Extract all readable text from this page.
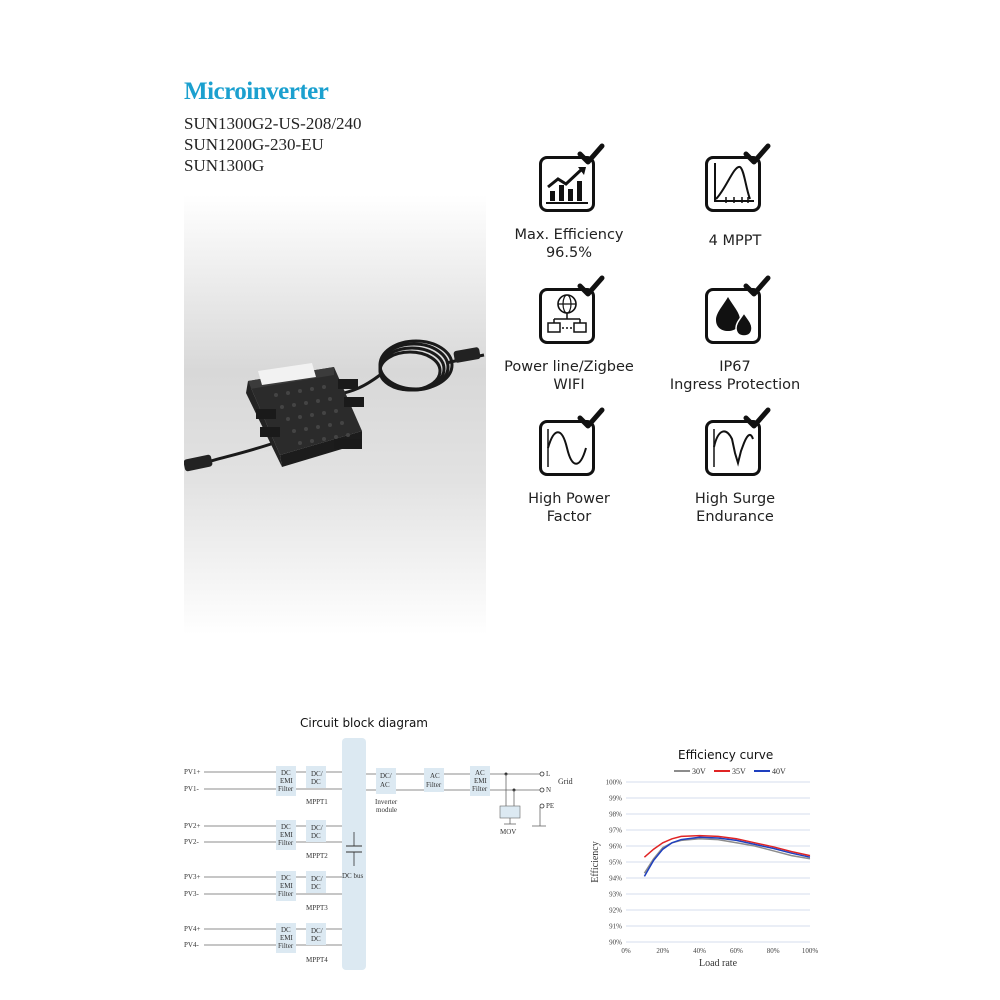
Microinverter
SUN1300G2-US-208/240
SUN1200G-230-EU
SUN1300G
Max. Efficiency
96.5%
4 MPPT
Power line/Zigbee
WIFI
IP67
Ingress Protection
High Power
Factor
High Surge
Endurance
Circuit block diagram
DC bus
PV1+
PV1-
DC
EMI
Filter
DC/
DC
MPPT1
PV2+
PV2-
DC
EMI
Filter
DC/
DC
MPPT2
PV3+
PV3-
DC
EMI
Filter
DC/
DC
MPPT3
PV4+
PV4-
DC
EMI
Filter
DC/
DC
MPPT4
DC/
AC
Inverter
module
AC
Filter
AC
EMI
Filter
MOV
L
N
PE
Grid
Efficiency curve
90%
91%
92%
93%
94%
95%
96%
97%
98%
99%
100%
0%	20%	40%	60%	80%	100%
Load rate
Efficiency
30V	35V	40V
